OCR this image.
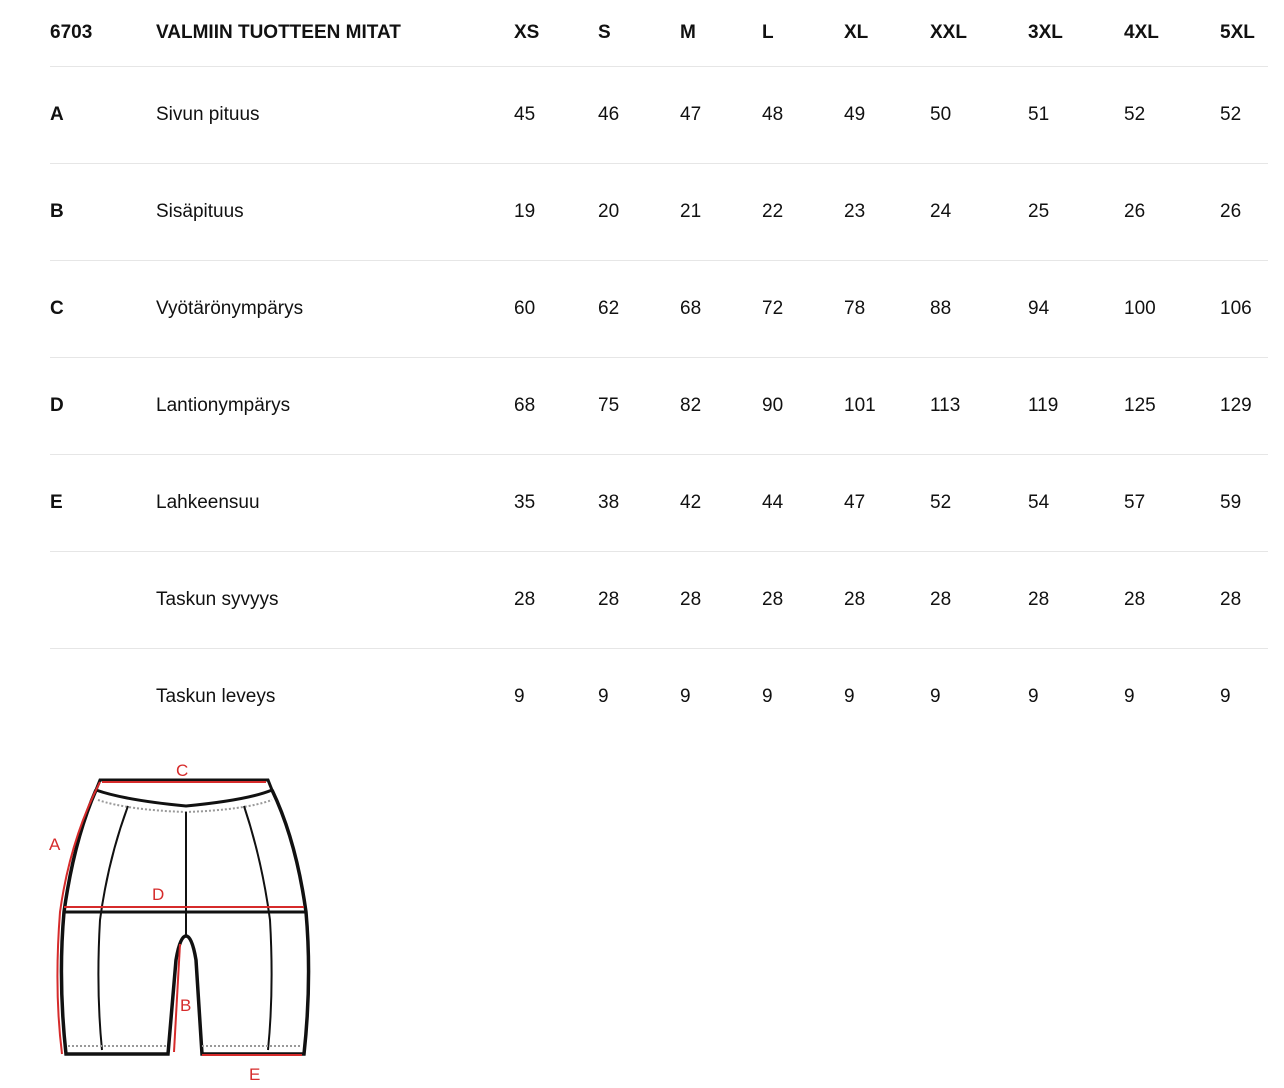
6703	VALMIIN TUOTTEEN MITAT	XS	S	M	L	XL	XXL	3XL	4XL	5XL
A	Sivun pituus	45	46	47	48	49	50	51	52	52
B	Sisäpituus	19	20	21	22	23	24	25	26	26
C	Vyötärönympärys	60	62	68	72	78	88	94	100	106
D	Lantionympärys	68	75	82	90	101	113	119	125	129
E	Lahkeensuu	35	38	42	44	47	52	54	57	59
	Taskun syvyys	28	28	28	28	28	28	28	28	28
	Taskun leveys	9	9	9	9	9	9	9	9	9
C
A
D
B
E
